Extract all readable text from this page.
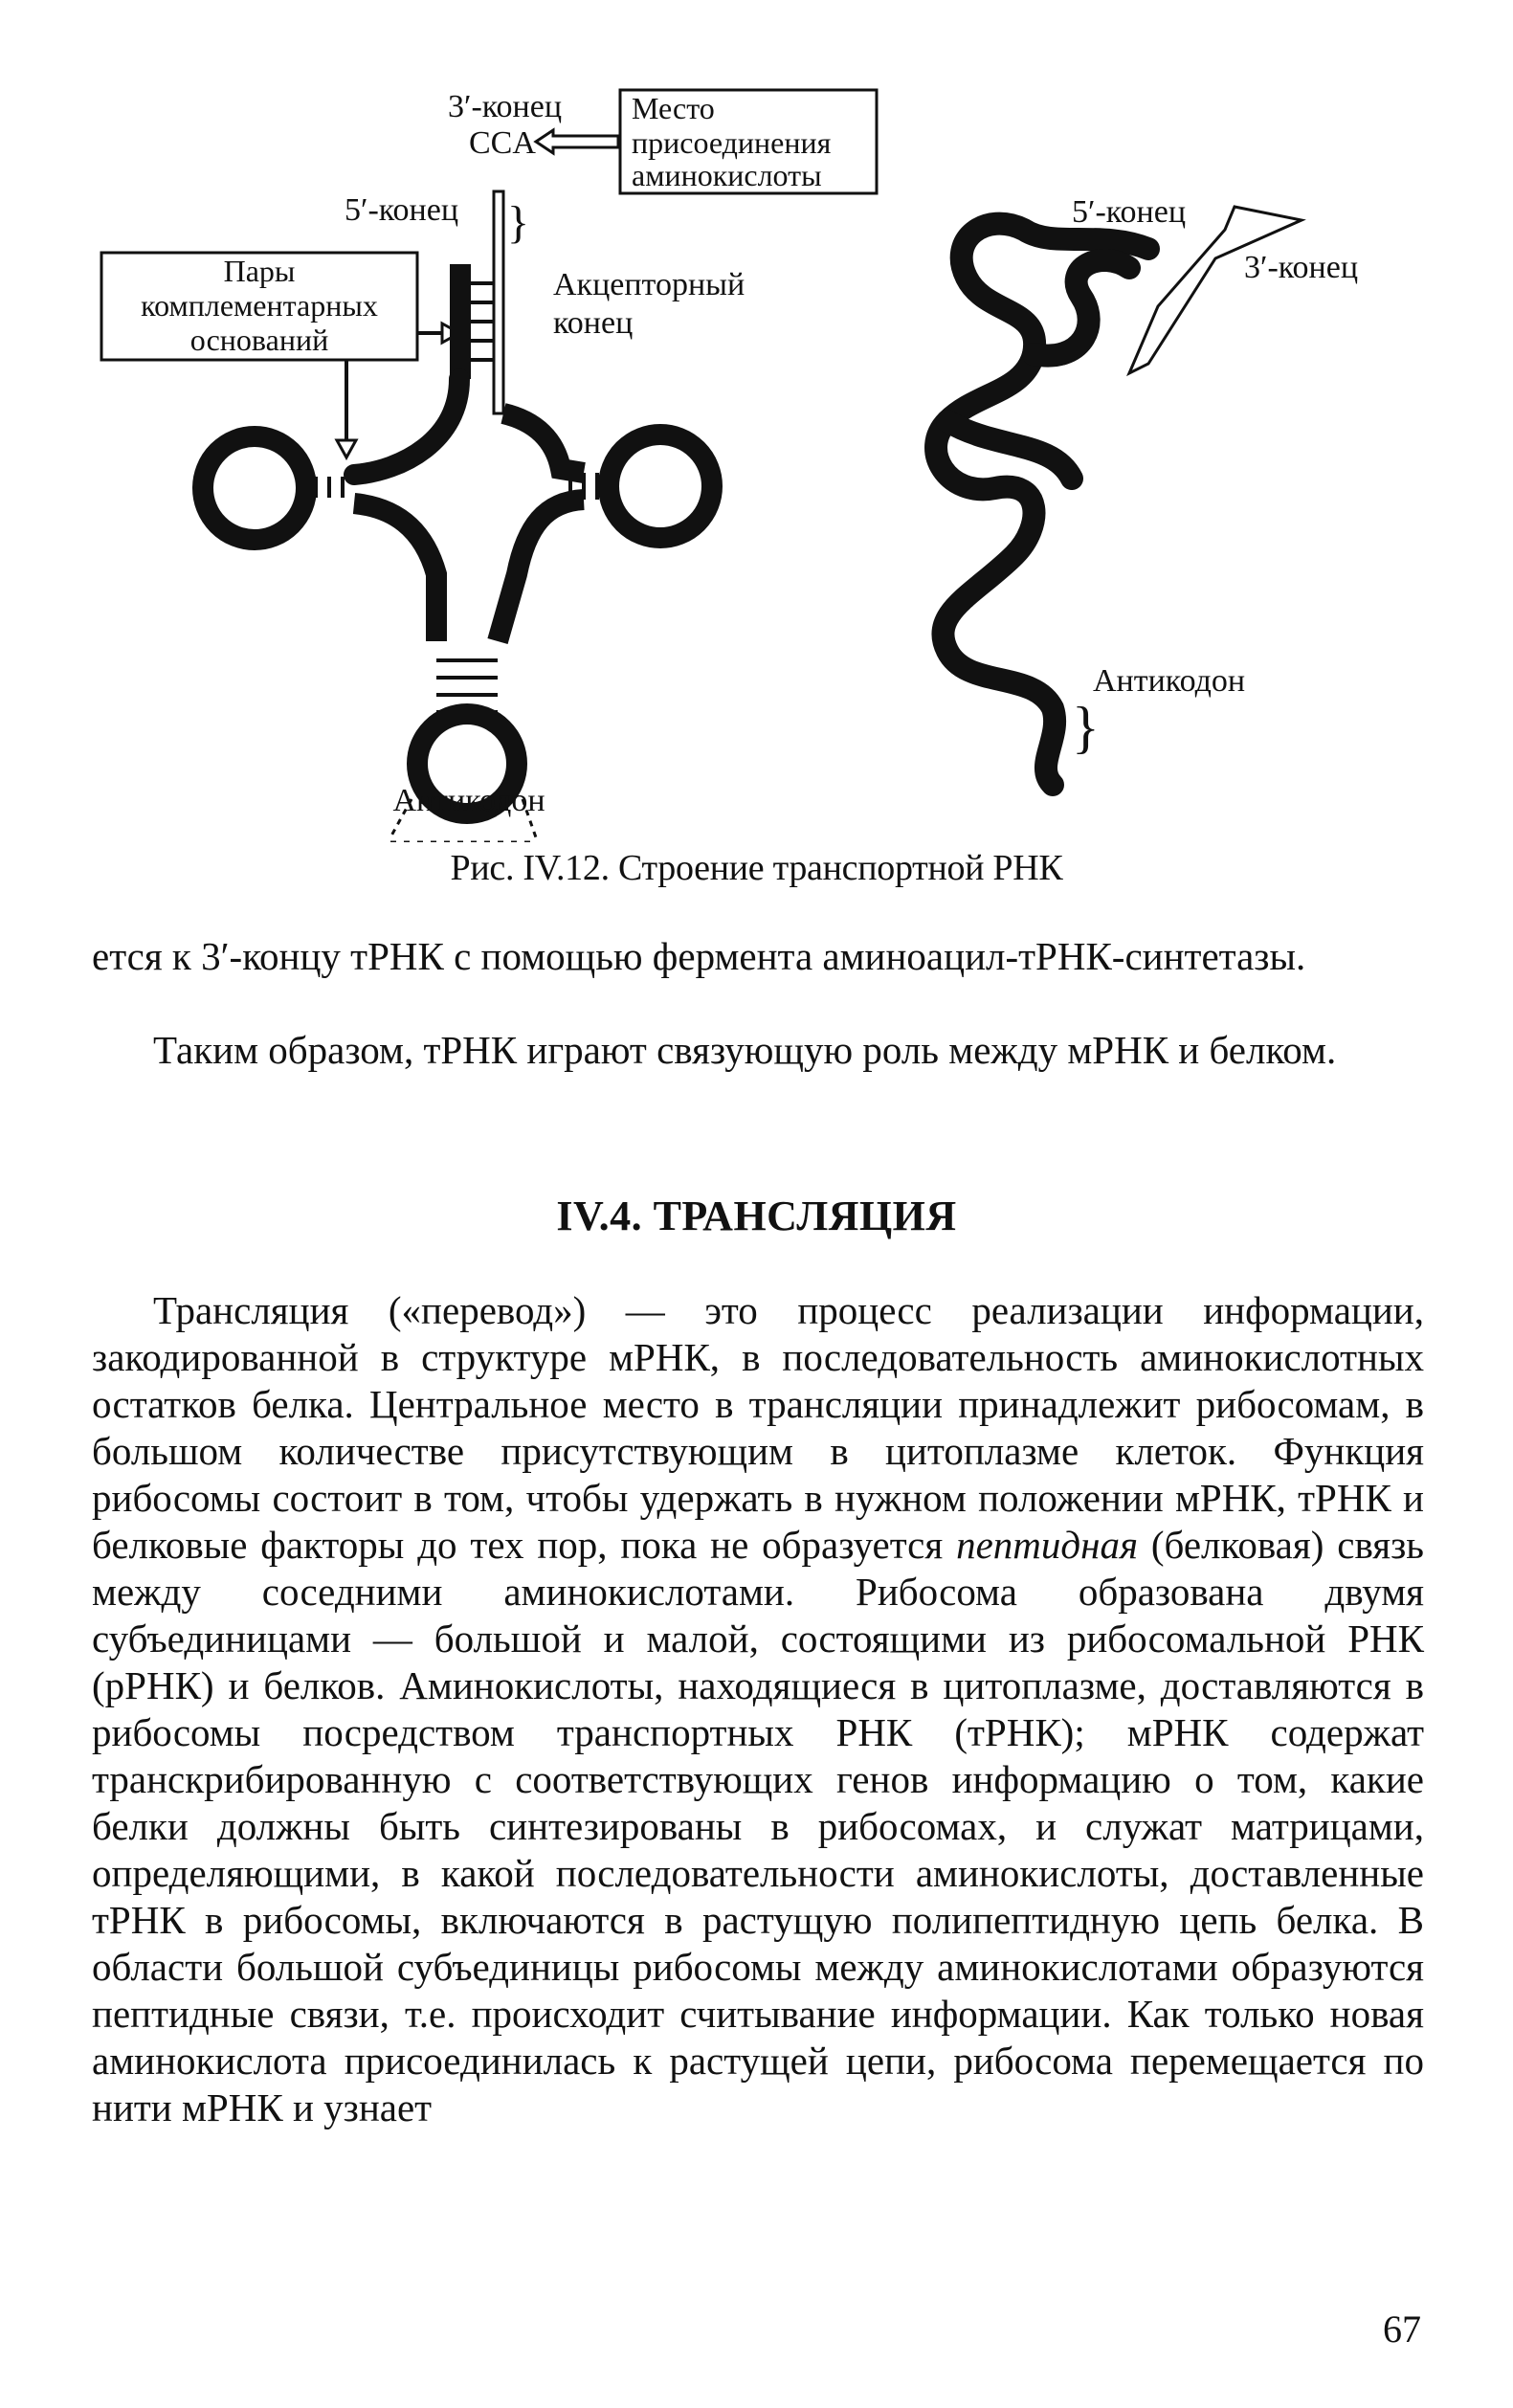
3′-конец
CCA
Место
присоединения
аминокислоты
5′-конец
Пары
комплементарных
оснований
}
Акцепторный
конец
5′-конец
3′-конец
}
Антикодон
Антикодон
Рис. IV.12. Строение транспортной РНК

ется к 3′-концу тРНК с помощью фермента аминоацил-тРНК-синтетазы.

Таким образом, тРНК играют связующую роль между мРНК и белком.

IV.4. ТРАНСЛЯЦИЯ

Трансляция («перевод») — это процесс реализации информации, закодированной в структуре мРНК, в последовательность аминокислотных остатков белка. Центральное место в трансляции принадлежит рибосомам, в большом количестве присутствующим в цитоплазме клеток. Функция рибосомы состоит в том, чтобы удержать в нужном положении мРНК, тРНК и белковые факторы до тех пор, пока не образуется пептидная (белковая) связь между соседними аминокислотами. Рибосома образована двумя субъединицами — большой и малой, состоящими из рибосомальной РНК (рРНК) и белков. Аминокислоты, находящиеся в цитоплазме, доставляются в рибосомы посредством транспортных РНК (тРНК); мРНК содержат транскрибированную с соответствующих генов информацию о том, какие белки должны быть синтезированы в рибосомах, и служат матрицами, определяющими, в какой последовательности аминокислоты, доставленные тРНК в рибосомы, включаются в растущую полипептидную цепь белка. В области большой субъединицы рибосомы между аминокислотами образуются пептидные связи, т.е. происходит считывание информации. Как только новая аминокислота присоединилась к растущей цепи, рибосома перемещается по нити мРНК и узнает

67
